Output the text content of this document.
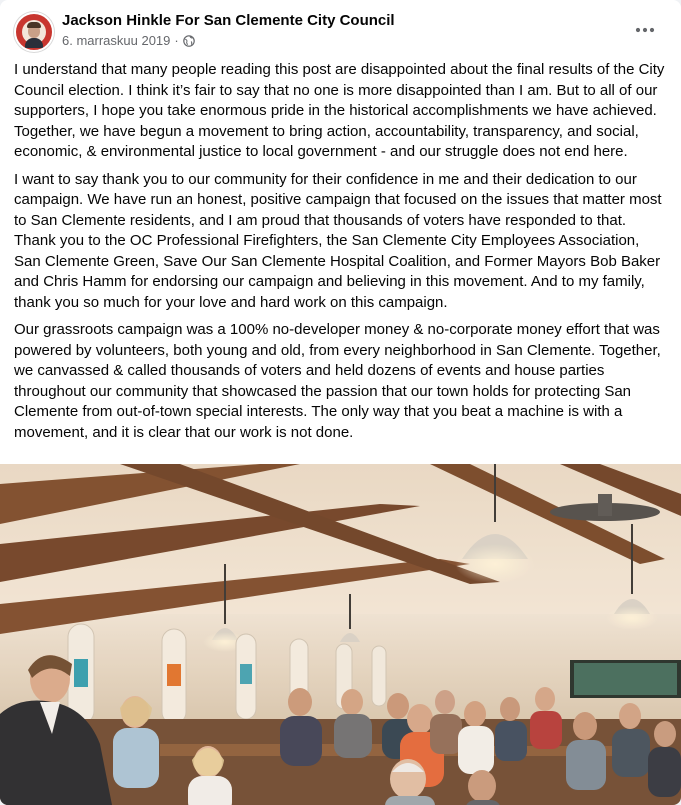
Jackson Hinkle For San Clemente City Council
6. marraskuu 2019 ·

I understand that many people reading this post are disappointed about the final results of the City Council election. I think it’s fair to say that no one is more disappointed than I am. But to all of our supporters, I hope you take enormous pride in the historical accomplishments we have achieved. Together, we have begun a movement to bring action, accountability, transparency, and social, economic, & environmental justice to local government - and our struggle does not end here.

I want to say thank you to our community for their confidence in me and their dedication to our campaign. We have run an honest, positive campaign that focused on the issues that matter most to San Clemente residents, and I am proud that thousands of voters have responded to that. Thank you to the OC Professional Firefighters, the San Clemente City Employees Association, San Clemente Green, Save Our San Clemente Hospital Coalition, and Former Mayors Bob Baker and Chris Hamm for endorsing our campaign and believing in this movement. And to my family, thank you so much for your love and hard work on this campaign.

Our grassroots campaign was a 100% no-developer money & no-corporate money effort that was powered by volunteers, both young and old, from every neighborhood in San Clemente. Together, we canvassed & called thousands of voters and held dozens of events and house parties throughout our community that showcased the passion that our town holds for protecting San Clemente from out-of-town special interests. The only way that you beat a machine is with a movement, and it is clear that our work is not done.
